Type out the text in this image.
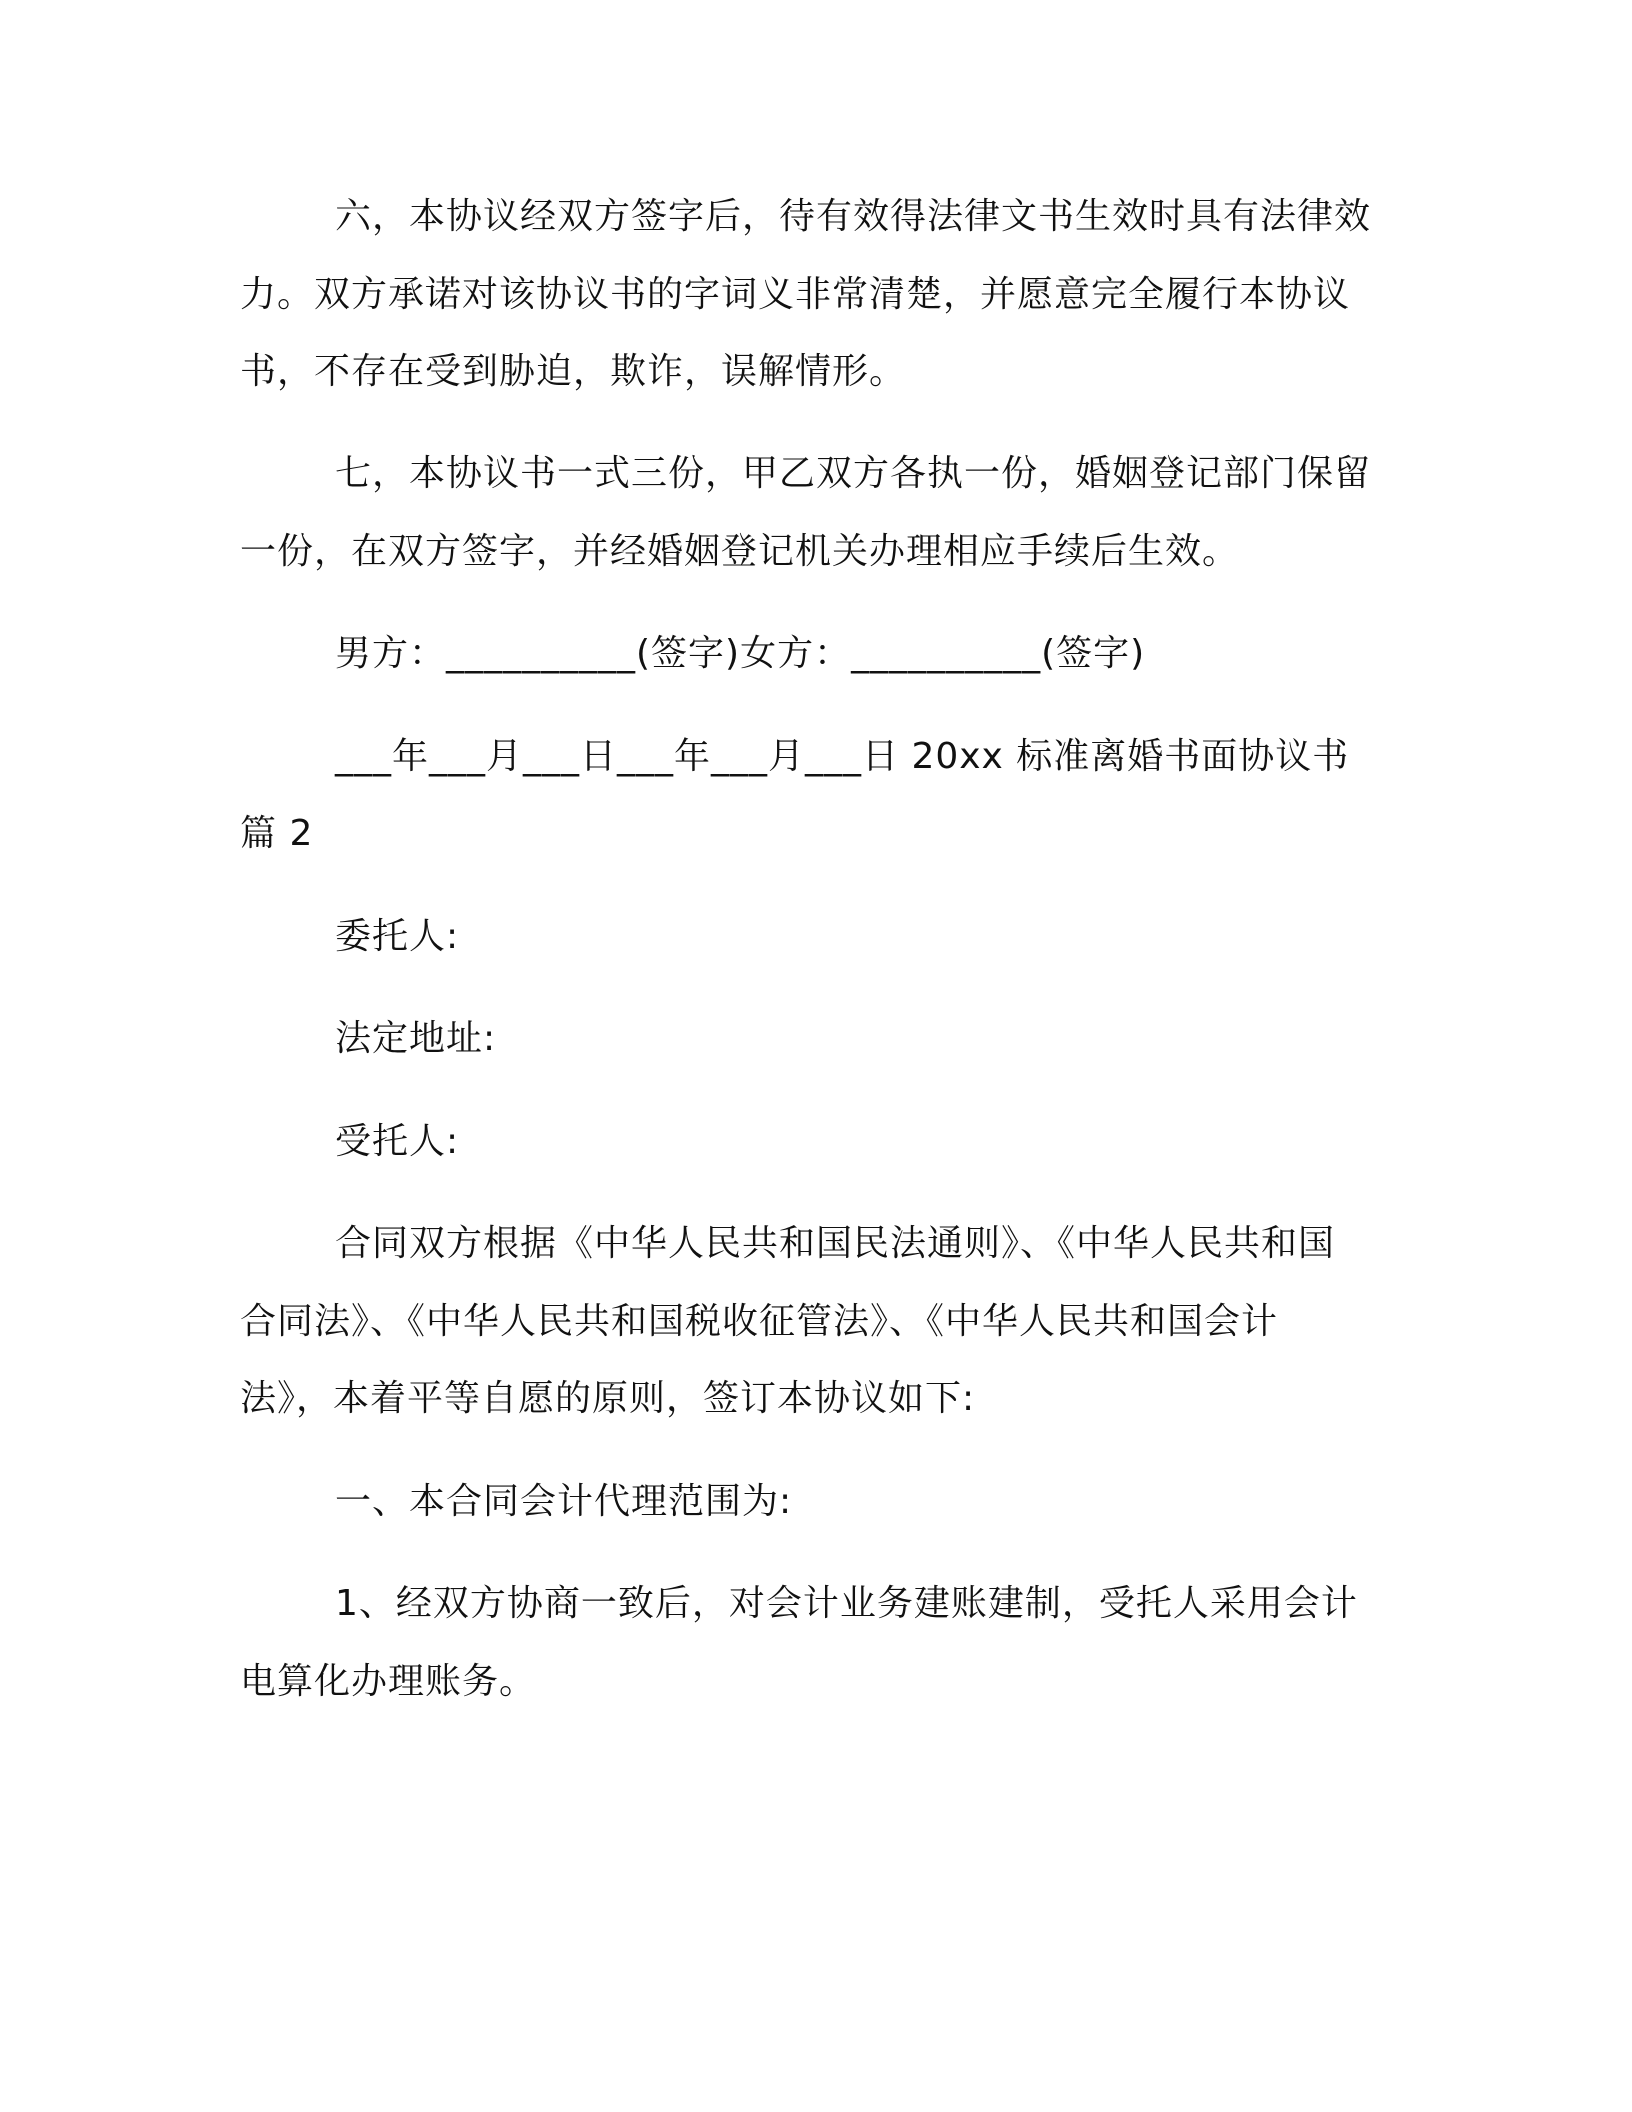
六，本协议经双方签字后，待有效得法律文书生效时具有法律效
力。双方承诺对该协议书的字词义非常清楚，并愿意完全履行本协议
书，不存在受到胁迫，欺诈，误解情形。
七，本协议书一式三份，甲乙双方各执一份，婚姻登记部门保留
一份，在双方签字，并经婚姻登记机关办理相应手续后生效。
男方：__________(签字)女方：__________(签字)
___年___月___日___年___月___日 20xx 标准离婚书面协议书
篇 2
委托人:
法定地址:
受托人:
合同双方根据《中华人民共和国民法通则》、《中华人民共和国
合同法》、《中华人民共和国税收征管法》、《中华人民共和国会计
法》，本着平等自愿的原则，签订本协议如下:
一、本合同会计代理范围为:
1、经双方协商一致后，对会计业务建账建制，受托人采用会计
电算化办理账务。
